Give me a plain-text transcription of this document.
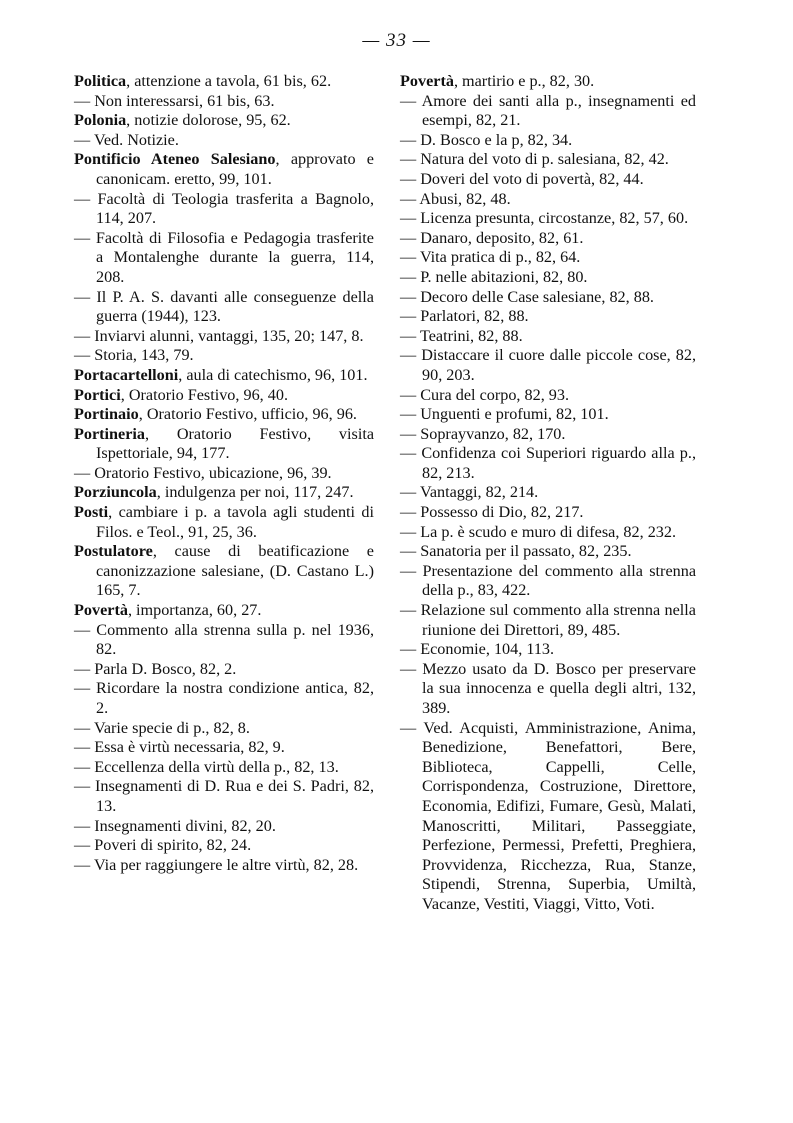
— 33 —

Politica, attenzione a tavola, 61 bis, 62.

— Non interessarsi, 61 bis, 63.

Polonia, notizie dolorose, 95, 62.

— Ved. Notizie.

Pontificio Ateneo Salesiano, approvato e canonicam. eretto, 99, 101.

— Facoltà di Teologia trasferita a Bagnolo, 114, 207.

— Facoltà di Filosofia e Pedagogia trasferite a Montalenghe durante la guerra, 114, 208.

— Il P. A. S. davanti alle conseguenze della guerra (1944), 123.

— Inviarvi alunni, vantaggi, 135, 20; 147, 8.

— Storia, 143, 79.

Portacartelloni, aula di catechismo, 96, 101.

Portici, Oratorio Festivo, 96, 40.

Portinaio, Oratorio Festivo, ufficio, 96, 96.

Portineria, Oratorio Festivo, visita Ispettoriale, 94, 177.

— Oratorio Festivo, ubicazione, 96, 39.

Porziuncola, indulgenza per noi, 117, 247.

Posti, cambiare i p. a tavola agli studenti di Filos. e Teol., 91, 25, 36.

Postulatore, cause di beatificazione e canonizzazione salesiane, (D. Castano L.) 165, 7.

Povertà, importanza, 60, 27.

— Commento alla strenna sulla p. nel 1936, 82.

— Parla D. Bosco, 82, 2.

— Ricordare la nostra condizione antica, 82, 2.

— Varie specie di p., 82, 8.

— Essa è virtù necessaria, 82, 9.

— Eccellenza della virtù della p., 82, 13.

— Insegnamenti di D. Rua e dei S. Padri, 82, 13.

— Insegnamenti divini, 82, 20.

— Poveri di spirito, 82, 24.

— Via per raggiungere le altre virtù, 82, 28.

Povertà, martirio e p., 82, 30.

— Amore dei santi alla p., insegnamenti ed esempi, 82, 21.

— D. Bosco e la p, 82, 34.

— Natura del voto di p. salesiana, 82, 42.

— Doveri del voto di povertà, 82, 44.

— Abusi, 82, 48.

— Licenza presunta, circostanze, 82, 57, 60.

— Danaro, deposito, 82, 61.

— Vita pratica di p., 82, 64.

— P. nelle abitazioni, 82, 80.

— Decoro delle Case salesiane, 82, 88.

— Parlatori, 82, 88.

— Teatrini, 82, 88.

— Distaccare il cuore dalle piccole cose, 82, 90, 203.

— Cura del corpo, 82, 93.

— Unguenti e profumi, 82, 101.

— Soprayvanzo, 82, 170.

— Confidenza coi Superiori riguardo alla p., 82, 213.

— Vantaggi, 82, 214.

— Possesso di Dio, 82, 217.

— La p. è scudo e muro di difesa, 82, 232.

— Sanatoria per il passato, 82, 235.

— Presentazione del commento alla strenna della p., 83, 422.

— Relazione sul commento alla strenna nella riunione dei Direttori, 89, 485.

— Economie, 104, 113.

— Mezzo usato da D. Bosco per preservare la sua innocenza e quella degli altri, 132, 389.

— Ved. Acquisti, Amministrazione, Anima, Benedizione, Benefattori, Bere, Biblioteca, Cappelli, Celle, Corrispondenza, Costruzione, Direttore, Economia, Edifizi, Fumare, Gesù, Malati, Manoscritti, Militari, Passeggiate, Perfezione, Permessi, Prefetti, Preghiera, Provvidenza, Ricchezza, Rua, Stanze, Stipendi, Strenna, Superbia, Umiltà, Vacanze, Vestiti, Viaggi, Vitto, Voti.
